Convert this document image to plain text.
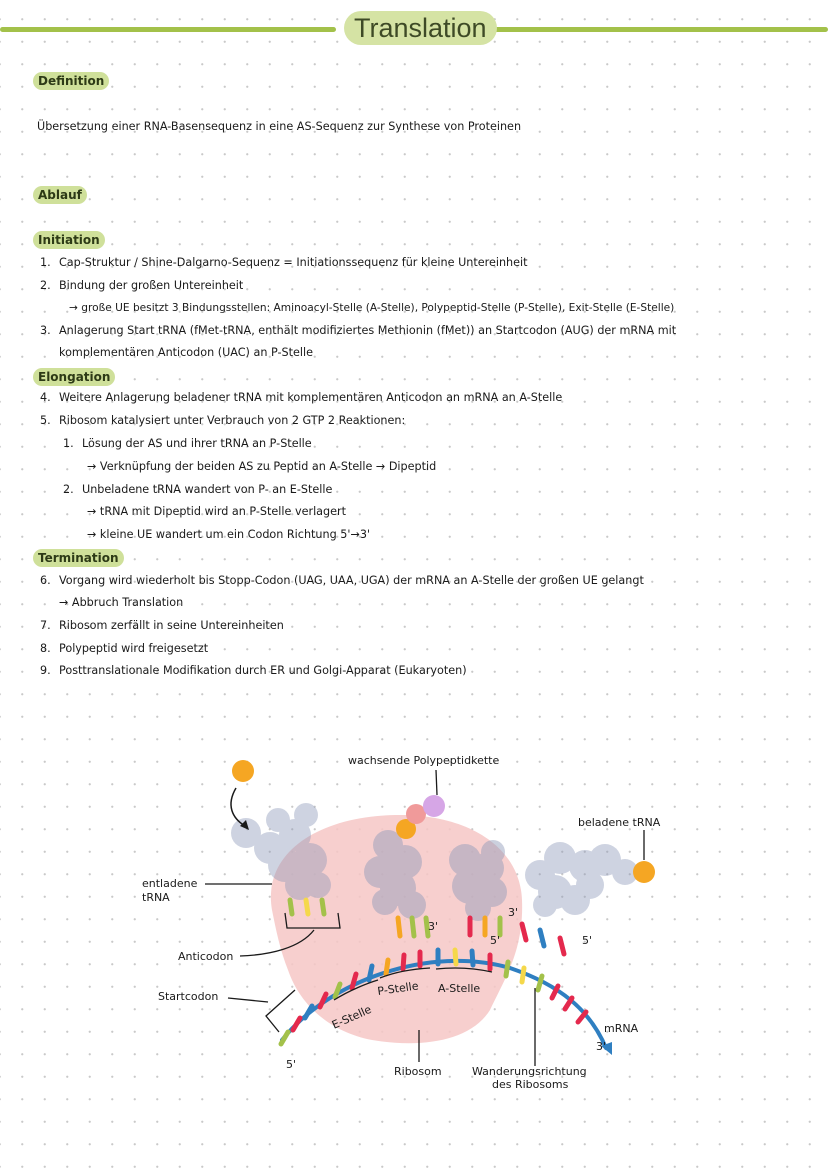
Translation
Definition
Übersetzung einer RNA-Basensequenz in eine AS-Sequenz zur Synthese von Proteinen
Ablauf
Initiation
1. Cap-Struktur / Shine-Dalgarno-Sequenz = Initiationssequenz für kleine Untereinheit
2. Bindung der großen Untereinheit
→ große UE besitzt 3 Bindungsstellen: Aminoacyl-Stelle (A-Stelle), Polypeptid-Stelle (P-Stelle), Exit-Stelle (E-Stelle)
3. Anlagerung Start tRNA (fMet-tRNA, enthält modifiziertes Methionin (fMet)) an Startcodon (AUG) der mRNA mit
komplementären Anticodon (UAC) an P-Stelle
Elongation
4. Weitere Anlagerung beladener tRNA mit komplementären Anticodon an mRNA an A-Stelle
5. Ribosom katalysiert unter Verbrauch von 2 GTP 2 Reaktionen:
1. Lösung der AS und ihrer tRNA an P-Stelle
→ Verknüpfung der beiden AS zu Peptid an A-Stelle → Dipeptid
2. Unbeladene tRNA wandert von P- an E-Stelle
→ tRNA mit Dipeptid wird an P-Stelle verlagert
→ kleine UE wandert um ein Codon Richtung 5'→3'
Termination
6. Vorgang wird wiederholt bis Stopp-Codon (UAG, UAA, UGA) der mRNA an A-Stelle der großen UE gelangt
→ Abbruch Translation
7. Ribosom zerfällt in seine Untereinheiten
8. Polypeptid wird freigesetzt
9. Posttranslationale Modifikation durch ER und Golgi-Apparat (Eukaryoten)
wachsende Polypeptidkette
beladene tRNA
entladene
tRNA
Anticodon
Startcodon
E-Stelle
P-Stelle A-Stelle
Ribosom	Wanderungsrichtung
des Ribosoms
mRNA
5'
3'
3'
5'
3'
5'
